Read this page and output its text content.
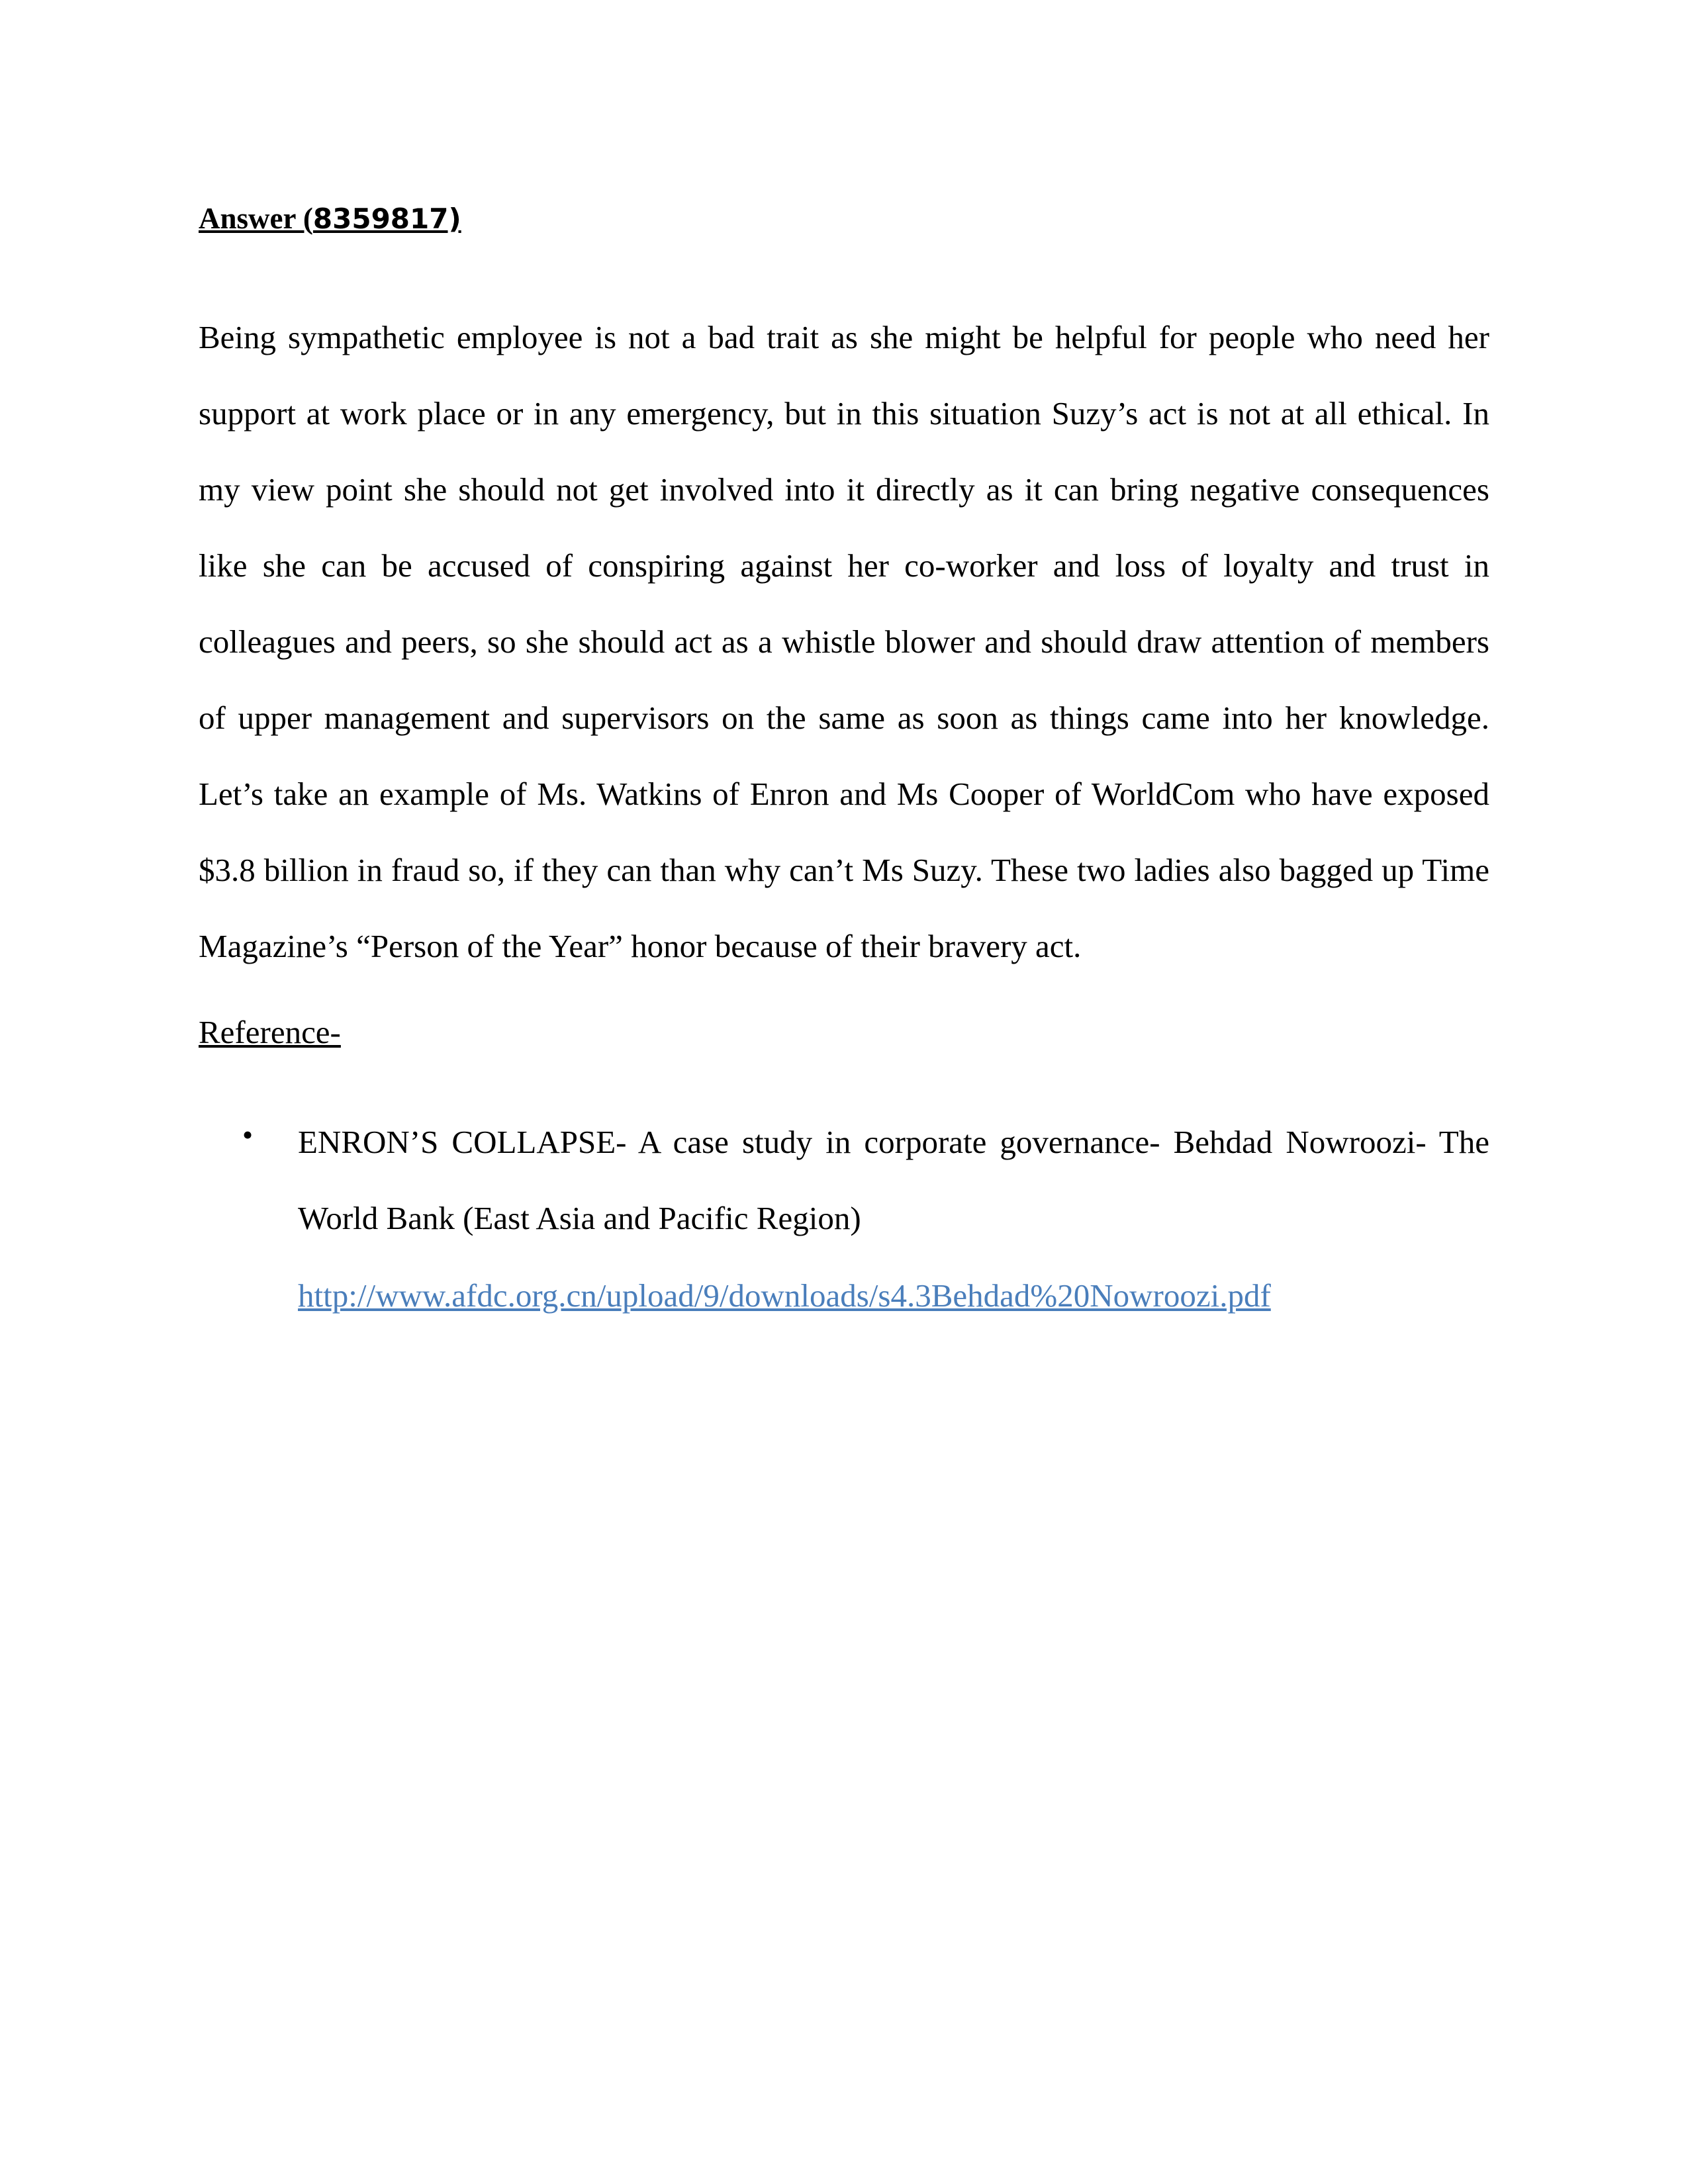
Answer (8359817)

Being sympathetic employee is not a bad trait as she might be helpful for people who need her support at work place or in any emergency, but in this situation Suzy’s act is not at all ethical. In my view point she should not get involved into it directly as it can bring negative consequences like she can be accused of conspiring against her co-worker and loss of loyalty and trust in colleagues and peers, so she should act as a whistle blower and should draw attention of members of upper management and supervisors on the same as soon as things came into her knowledge. Let’s take an example of Ms. Watkins of Enron and Ms Cooper of WorldCom who have exposed $3.8 billion in fraud so, if they can than why can’t Ms Suzy. These two ladies also bagged up Time Magazine’s “Person of the Year” honor because of their bravery act.

Reference-
• ENRON’S COLLAPSE- A case study in corporate governance- Behdad Nowroozi- The World Bank (East Asia and Pacific Region)

http://www.afdc.org.cn/upload/9/downloads/s4.3Behdad%20Nowroozi.pdf
